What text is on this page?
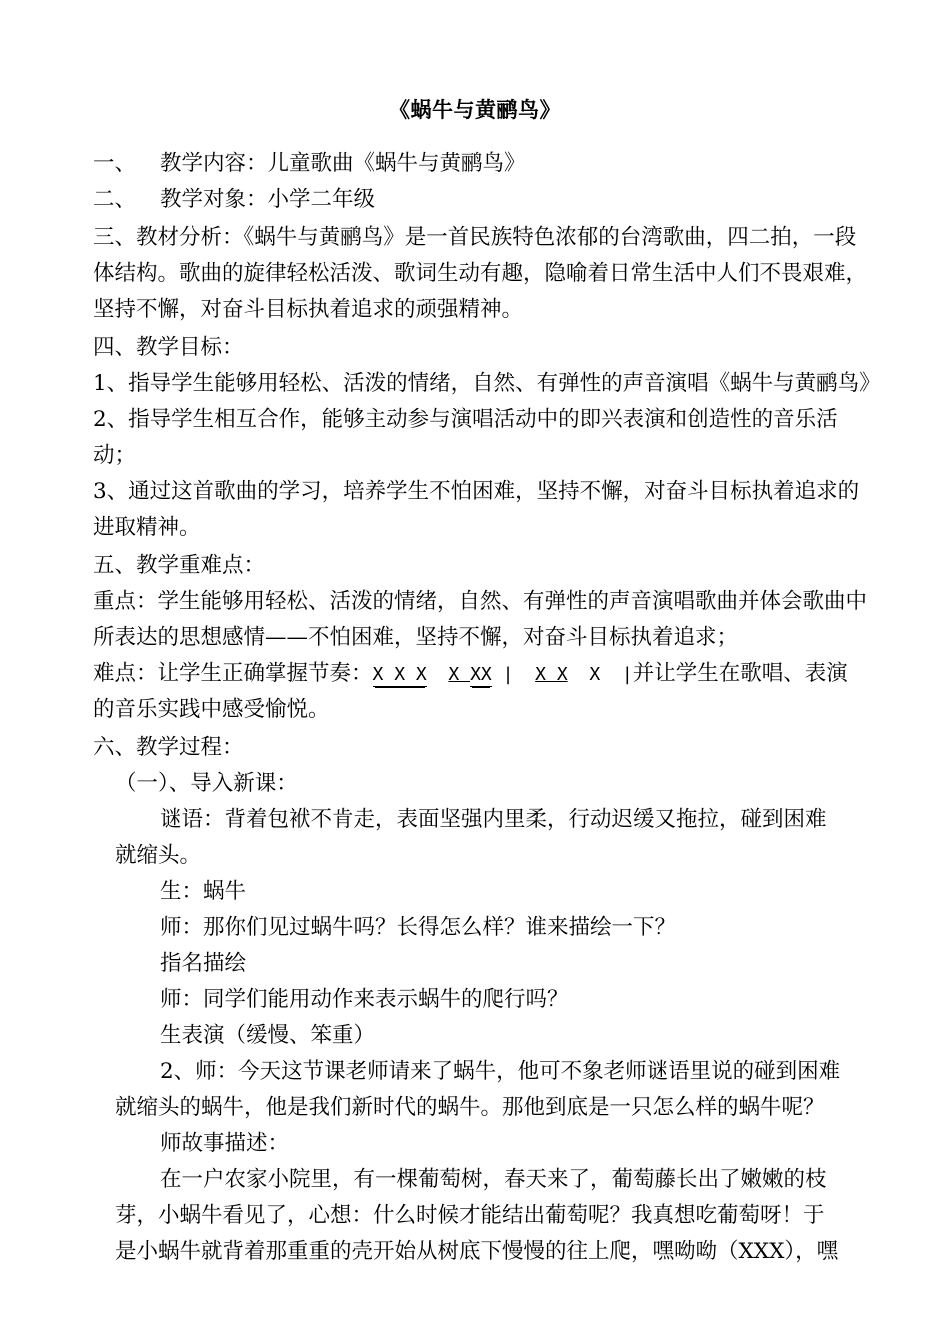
《蜗牛与黄鹂鸟》
一、 教学内容：儿童歌曲《蜗牛与黄鹂鸟》
二、 教学对象：小学二年级
三、教材分析：《蜗牛与黄鹂鸟》是一首民族特色浓郁的台湾歌曲，四二拍，一段
体结构。歌曲的旋律轻松活泼、歌词生动有趣，隐喻着日常生活中人们不畏艰难，
坚持不懈，对奋斗目标执着追求的顽强精神。
四、教学目标：
1、指导学生能够用轻松、活泼的情绪，自然、有弹性的声音演唱《蜗牛与黄鹂鸟》
2、指导学生相互合作，能够主动参与演唱活动中的即兴表演和创造性的音乐活
动；
3、通过这首歌曲的学习，培养学生不怕困难，坚持不懈，对奋斗目标执着追求的
进取精神。
五、教学重难点：
重点：学生能够用轻松、活泼的情绪，自然、有弹性的声音演唱歌曲并体会歌曲中
所表达的思想感情——不怕困难，坚持不懈，对奋斗目标执着追求；
难点：让学生正确掌握节奏：X X X X XX | X X X |并让学生在歌唱、表演
的音乐实践中感受愉悦。
六、教学过程：
（一）、导入新课：
谜语：背着包袱不肯走，表面坚强内里柔，行动迟缓又拖拉，碰到困难
就缩头。
生：蜗牛
师：那你们见过蜗牛吗？长得怎么样？谁来描绘一下？
指名描绘
师：同学们能用动作来表示蜗牛的爬行吗？
生表演（缓慢、笨重）
2、师：今天这节课老师请来了蜗牛，他可不象老师谜语里说的碰到困难
就缩头的蜗牛，他是我们新时代的蜗牛。那他到底是一只怎么样的蜗牛呢？
师故事描述：
在一户农家小院里，有一棵葡萄树，春天来了，葡萄藤长出了嫩嫩的枝
芽，小蜗牛看见了，心想：什么时候才能结出葡萄呢？我真想吃葡萄呀！于
是小蜗牛就背着那重重的壳开始从树底下慢慢的往上爬，嘿呦呦（XXX），嘿
